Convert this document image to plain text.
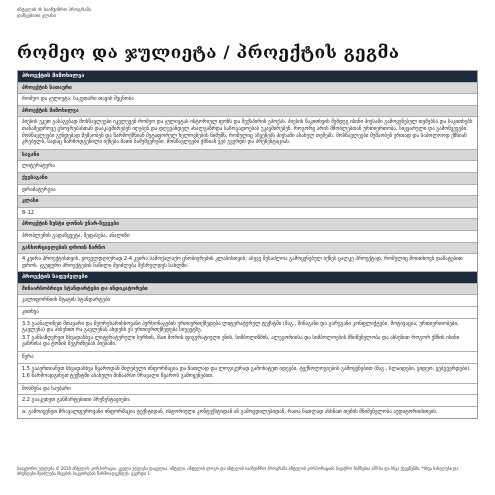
ინტელის ® საინჟინრო პროგრამა
დაწყებითი კლასი
რომეო და ჯულიეტა / პროექტის გეგმა
პროექტის მიმოხილვა
პროექტის სათაური
რომეო და ჯულიეტა: საკუთარი თავის შეცნობა
პროექტის მიმოხილვა
პიესის უკეთ გასაგებად მოსწავლეები იკვლევენ რომეო და ჯულიეტას ისტორიულ ფონს და შექსპირის ეპოქას. პიესის წაკითხვის შემდეგ ისინი პიესაში გამოყენებულ თემებსა და საკითხებს თანამედროვე ცხოვრებასთან დააკავშირებენ იღებენ და დღევანდელ ახალგაზრდა საზოგადოებას უკავშირებენ. როგორც არის მშობლებთან ურთიერთობა, სიყვარული და გამოწვევები. მოსწავლეები გუნდებად მუშაობენ და წარმოქმნიან მეტაფორულ ხელოვნების ნიმუშს, რომელიც აჩვენებს პიესაში ასახულ თემებს. მოსწავლეები მუშაობენ ერთად და საბოლოოდ ქმნიან კრებულს, სადაც წარმოდგენილი იქნება მათი ნამუშევრები. მოსწავლეები ქმნიან ვებ გვერდს და პრეზენტაციას.
საგანი
ლიტერატურა
ქვესაგანი
დრამატურგია
კლასი
8–12
პროექტის ზუსტი დონის უნარ-ჩვევები
პრობლემის გადაწყვეტა, შეფასება, ანალიზი
განხორციელების დროის ჩარჩო
4 კვირა პროექტისთვის, ყოველდღიურად 2-4 კვირა სამოქალაქო ცნობიერების კლასისთვის; ასევე შესაძლოა გამოყენებულ იქნეს ცალკე პროექტად, რომელიც მოითხოვს დამატებით დროს. ჯგუფური პროექტების ნაწილი შეიძლება შესრულდეს სახლში.
პროექტის საფუძვლები
შინაარსობრივი სტანდარტები და ინდიკატორები
კალიფორნიის შტატის სტანდარტები
კითხვა
3.3 გაანალიზეთ მთავარი და მეორეხარისხოვანი პერსონაჟების ურთიერთქმედება ლიტერატურულ ტექსტში (მაგ., შინაგანი და გარეგანი კონფლიქტები, მოტივაცია, ურთიერთობები, გავლენა) და ახსენით რა გავლენას ახდენს ეს ურთიერთქმედება სიუჟეტზე.
3.7 განსაზღვრეთ სხვადასხვა ლიტერატურული ხერხის, მათ შორის ფიგურატიული ენის, სიმბოლიზმის, ალეგორიისა და სიმბოლოების მნიშვნელობა და ახსენით როგორ ქმნის ისინი ჟანრისა და ტონის შეგრძნებას პიესაში.
წერა
1.5 გააერთიანეთ სხვადასხვა წყაროდან მიღებული ინფორმაცია და ნათლად და ლოგიკურად გამოხატეთ იდეები, ტექნოლოგიების გამოყენებით (მაგ., სლაიდები, ვიდეო, ვებგვერდები).
1.6 წარმოადგინეთ ტექსტში ასახული შინაარსი მრავალი წყაროს გამოყენებით.
მოსმენა და საუბარი
2.2 გააკეთეთ განმარტებითი პრეზენტაციები:
a. გამოიყენეთ მრავალფეროვანი ინფორმაცია ტექსტიდან, ისტორიული კონტექსტიდან ან გამოცდილებიდან, რათა ნათლად ახსნათ თემის მნიშვნელობა აუდიტორიისთვის.
საავტორო უფლება © 2010 ინტელის კორპორაცია. ყველა უფლება დაცულია. ინტელი, ინტელის ლოგო და ინტელის საინჟინრო პროგრამა ინტელის კორპორაციის სავაჭრო ნიშნებია აშშ-სა და სხვა ქვეყნებში. *სხვა სახელები და ბრენდები შეიძლება სხვების საკუთრებას წარმოადგენდეს. გვერდი 1
